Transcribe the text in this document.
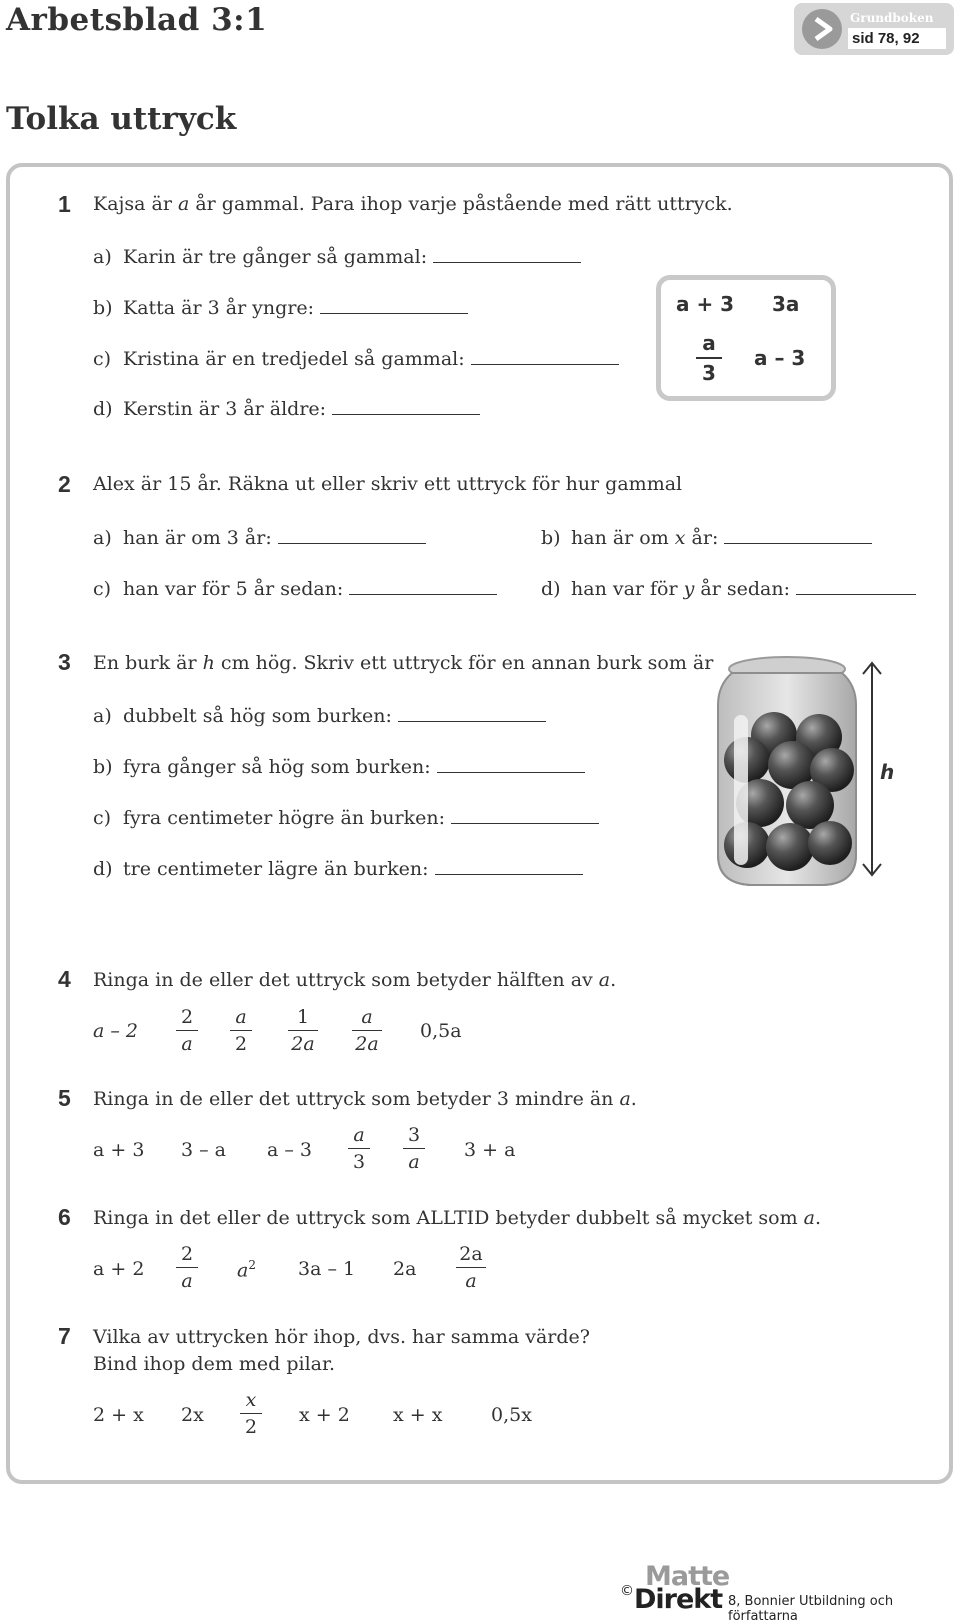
Arbetsblad 3:1	Grundboken
sid 78, 92
Tolka uttryck
1 Kajsa är a år gammal. Para ihop varje påstående med rätt uttryck.
a) Karin är tre gånger så gammal:
b) Katta är 3 år yngre:
c) Kristina är en tredjedel så gammal:
d) Kerstin är 3 år äldre:
a + 3 3a
a
3
a – 3
2 Alex är 15 år. Räkna ut eller skriv ett uttryck för hur gammal
a) han är om 3 år:	b) han är om x år:
c) han var för 5 år sedan:	d) han var för y år sedan:
3 En burk är h cm hög. Skriv ett uttryck för en annan burk som är
a) dubbelt så hög som burken:
b) fyra gånger så hög som burken:
c) fyra centimeter högre än burken:
d) tre centimeter lägre än burken:
h
4 Ringa in de eller det uttryck som betyder hälften av a.
a – 2
2
a
a
2
1
2a
a
2a
0,5a
5 Ringa in de eller det uttryck som betyder 3 mindre än a.
a + 3 3 – a a – 3
a
3
3
a
3 + a
6 Ringa in det eller de uttryck som ALLTID betyder dubbelt så mycket som a.
a + 2
2
a $a^2$ 3a – 1 2a
2a
a
7 Vilka av uttrycken hör ihop, dvs. har samma värde?
Bind ihop dem med pilar.
2 + x 2x
x
2
x + 2 x + x	0,5x
© Matte
Direkt 8, Bonnier Utbildning och författarna
